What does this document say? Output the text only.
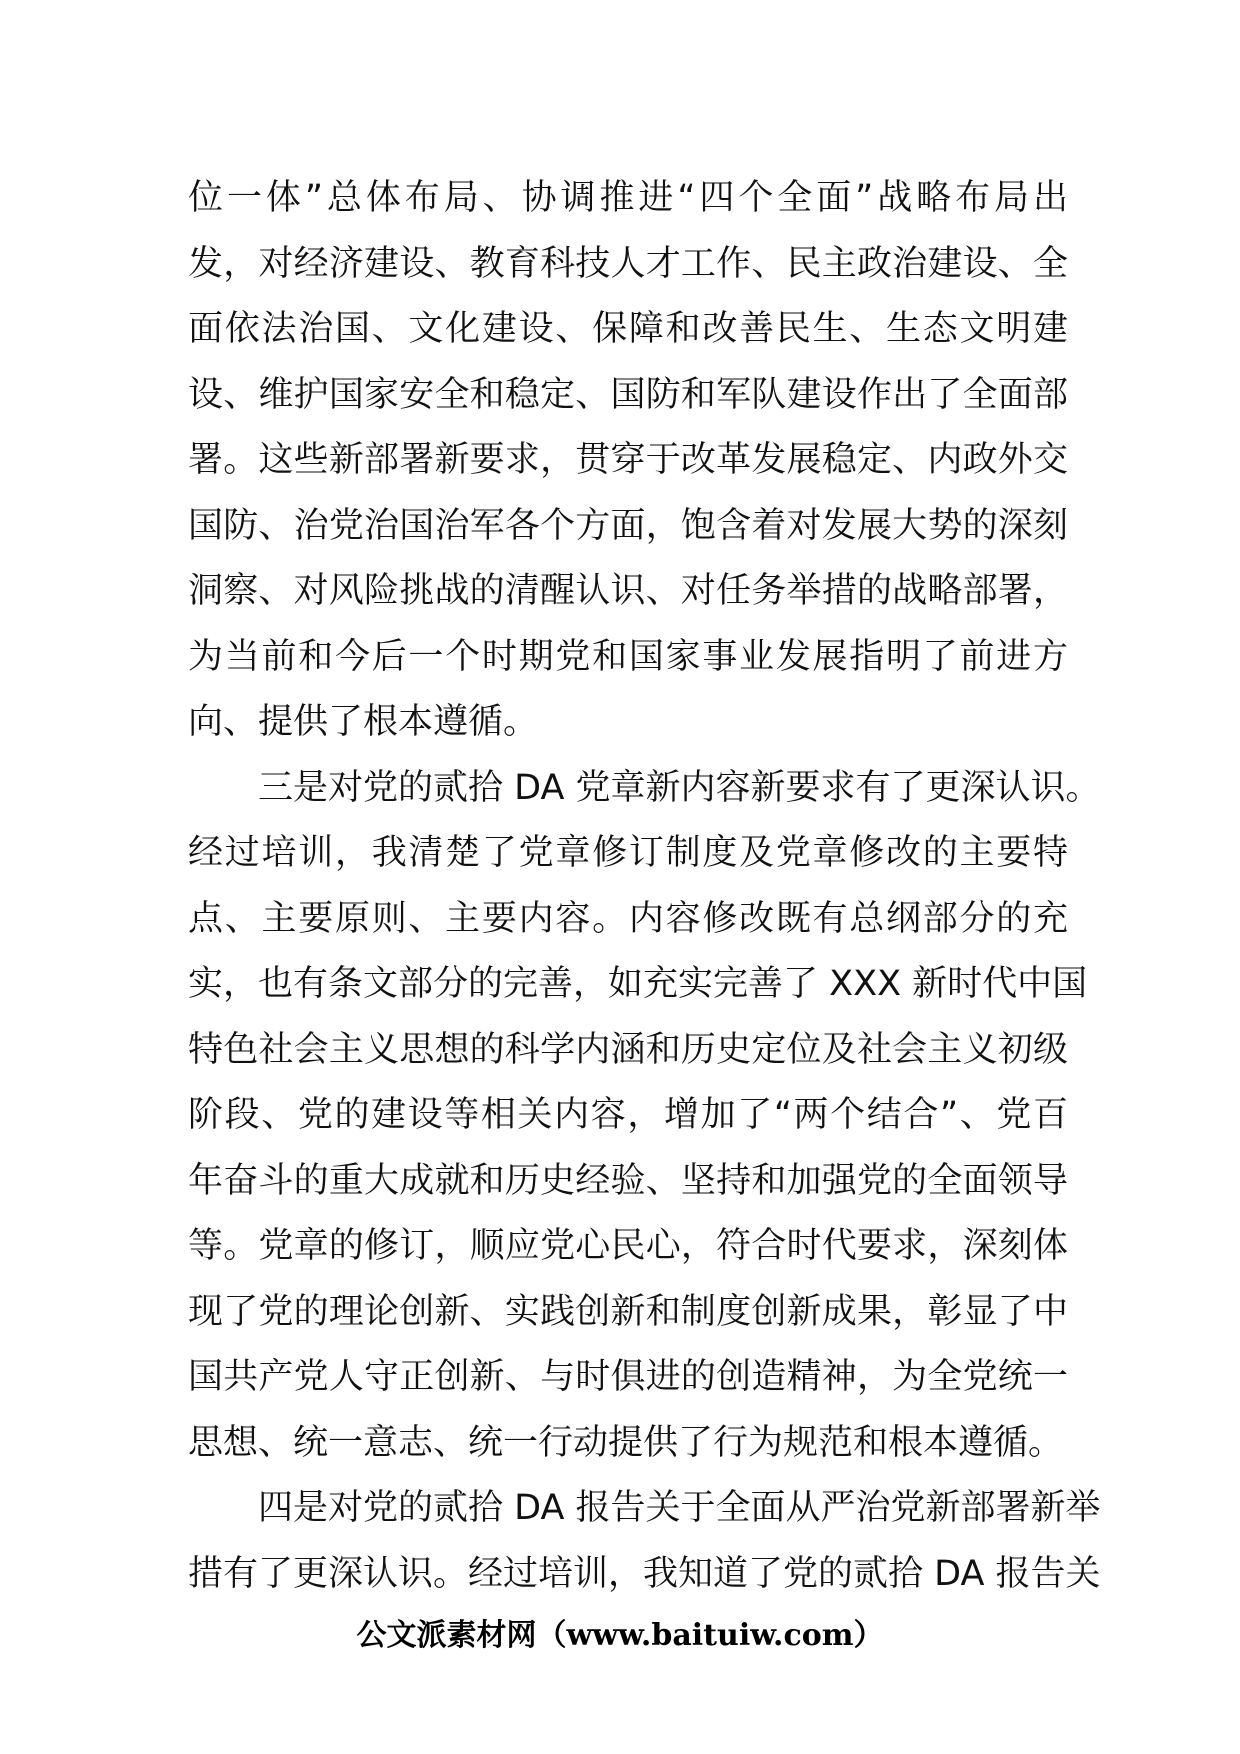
位一体”总体布局、协调推进“四个全面”战略布局出
发，对经济建设、教育科技人才工作、民主政治建设、全
面依法治国、文化建设、保障和改善民生、生态文明建
设、维护国家安全和稳定、国防和军队建设作出了全面部
署。这些新部署新要求，贯穿于改革发展稳定、内政外交
国防、治党治国治军各个方面，饱含着对发展大势的深刻
洞察、对风险挑战的清醒认识、对任务举措的战略部署，
为当前和今后一个时期党和国家事业发展指明了前进方
向、提供了根本遵循。
三是对党的贰拾 DA 党章新内容新要求有了更深认识。
经过培训，我清楚了党章修订制度及党章修改的主要特
点、主要原则、主要内容。内容修改既有总纲部分的充
实，也有条文部分的完善，如充实完善了 XXX 新时代中国
特色社会主义思想的科学内涵和历史定位及社会主义初级
阶段、党的建设等相关内容，增加了“两个结合”、党百
年奋斗的重大成就和历史经验、坚持和加强党的全面领导
等。党章的修订，顺应党心民心，符合时代要求，深刻体
现了党的理论创新、实践创新和制度创新成果，彰显了中
国共产党人守正创新、与时俱进的创造精神，为全党统一
思想、统一意志、统一行动提供了行为规范和根本遵循。
四是对党的贰拾 DA 报告关于全面从严治党新部署新举
措有了更深认识。经过培训，我知道了党的贰拾 DA 报告关
公文派素材网（www.baituiw.com）
